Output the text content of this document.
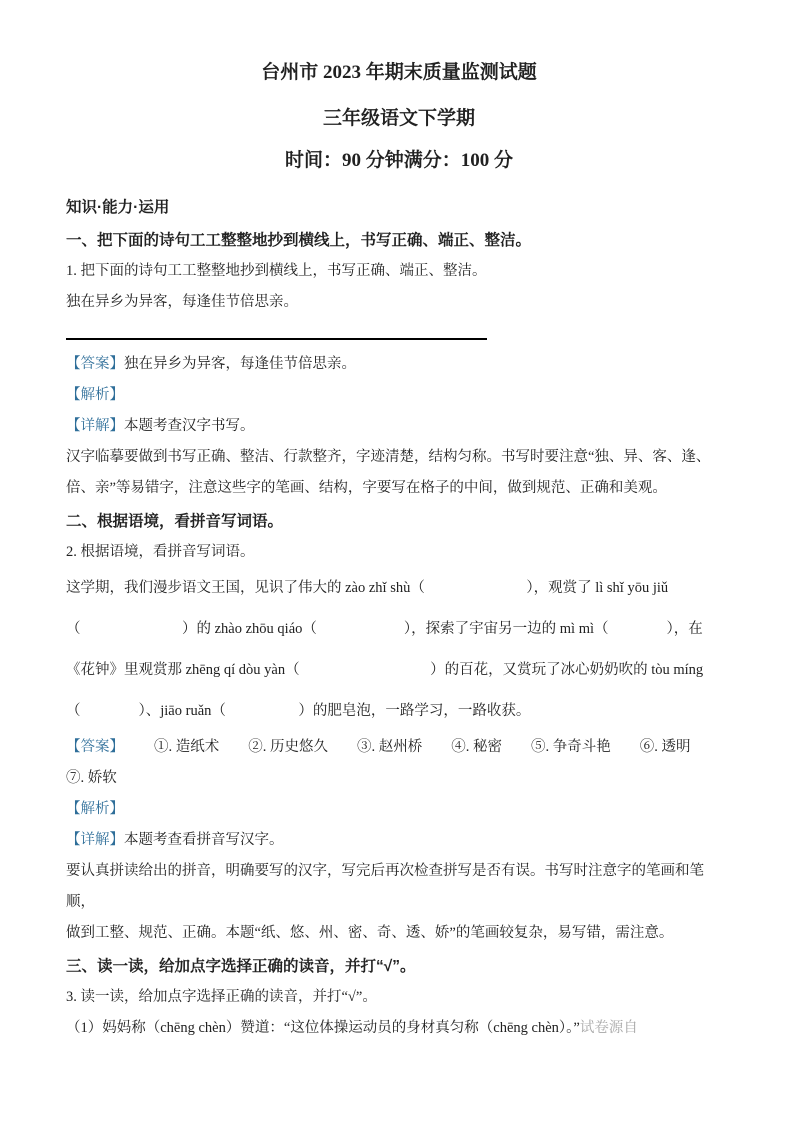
台州市 2023 年期末质量监测试题
三年级语文下学期
时间：90 分钟满分：100 分
知识·能力·运用
一、把下面的诗句工工整整地抄到横线上，书写正确、端正、整洁。
1. 把下面的诗句工工整整地抄到横线上，书写正确、端正、整洁。
独在异乡为异客，每逢佳节倍思亲。
【答案】独在异乡为异客，每逢佳节倍思亲。
【解析】
【详解】本题考查汉字书写。
汉字临摹要做到书写正确、整洁、行款整齐，字迹清楚，结构匀称。书写时要注意“独、异、客、逢、
倍、亲”等易错字，注意这些字的笔画、结构，字要写在格子的中间，做到规范、正确和美观。
二、根据语境，看拼音写词语。
2. 根据语境，看拼音写词语。
这学期，我们漫步语文王国，见识了伟大的 zào zhǐ shù（　　　　　　　），观赏了 lì shǐ yōu jiǔ
（　　　　　　　）的 zhào zhōu qiáo（　　　　　　），探索了宇宙另一边的 mì mì（　　　　），在
《花钟》里观赏那 zhēng qí dòu yàn（　　　　　　　　　）的百花，又赏玩了冰心奶奶吹的 tòu míng
（　　　　）、jiāo ruǎn（　　　　　）的肥皂泡，一路学习，一路收获。
【答案】 ①. 造纸术　　②. 历史悠久　　③. 赵州桥　　④. 秘密　　⑤. 争奇斗艳　　⑥. 透明
⑦. 娇软
【解析】
【详解】本题考查看拼音写汉字。
要认真拼读给出的拼音，明确要写的汉字，写完后再次检查拼写是否有误。书写时注意字的笔画和笔顺，
做到工整、规范、正确。本题“纸、悠、州、密、奇、透、娇”的笔画较复杂，易写错，需注意。
三、读一读，给加点字选择正确的读音，并打“√”。
3. 读一读，给加点字选择正确的读音，并打“√”。
（1）妈妈称（chēng chèn）赞道：“这位体操运动员的身材真匀称（chēng chèn）。”试卷源自
